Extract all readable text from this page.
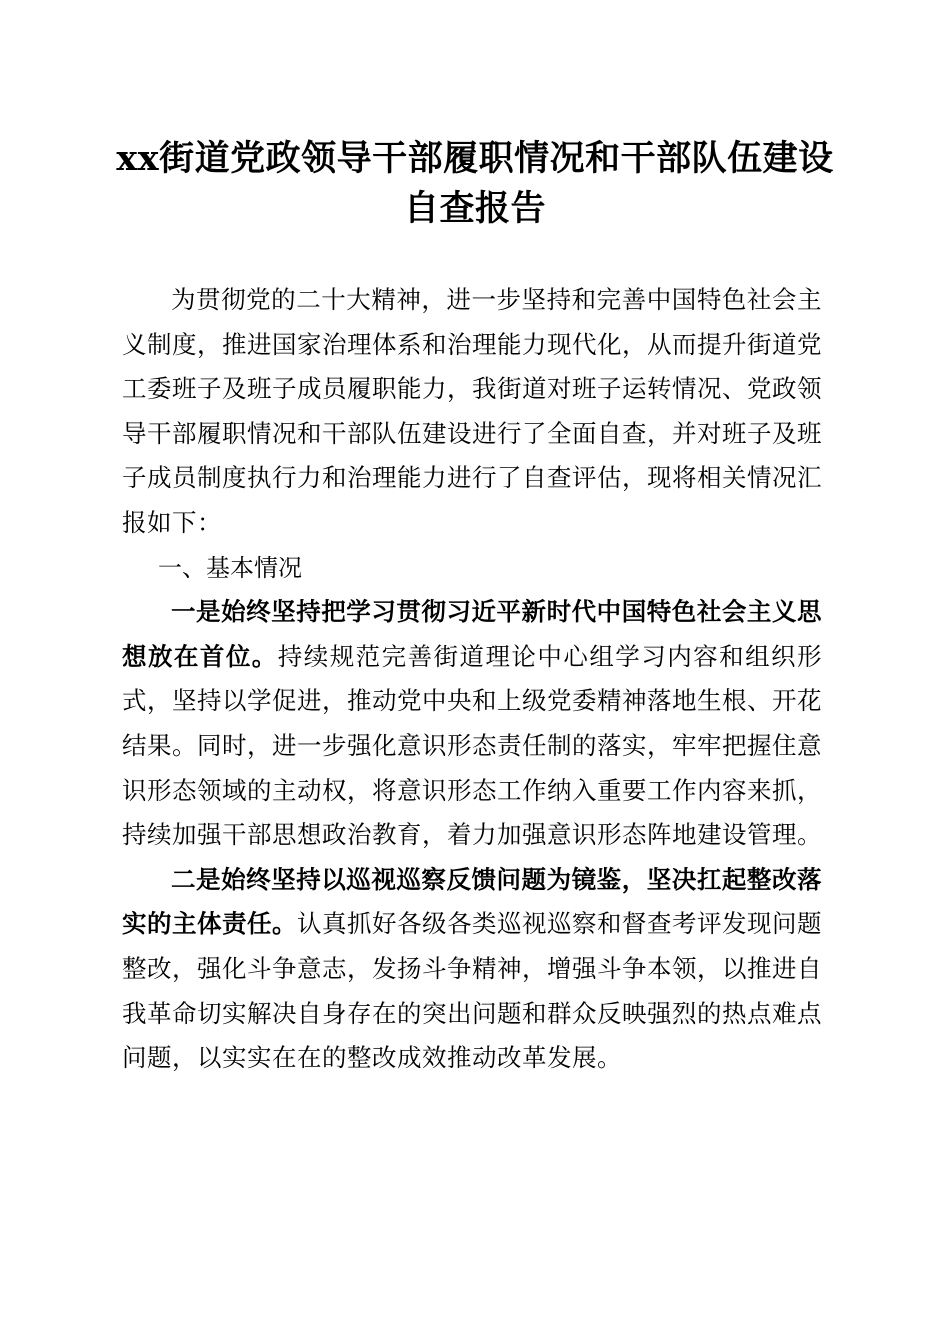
xx街道党政领导干部履职情况和干部队伍建设自查报告

为贯彻党的二十大精神，进一步坚持和完善中国特色社会主义制度，推进国家治理体系和治理能力现代化，从而提升街道党工委班子及班子成员履职能力，我街道对班子运转情况、党政领导干部履职情况和干部队伍建设进行了全面自查，并对班子及班子成员制度执行力和治理能力进行了自查评估，现将相关情况汇报如下：

一、基本情况

一是始终坚持把学习贯彻习近平新时代中国特色社会主义思想放在首位。持续规范完善街道理论中心组学习内容和组织形式，坚持以学促进，推动党中央和上级党委精神落地生根、开花结果。同时，进一步强化意识形态责任制的落实，牢牢把握住意识形态领域的主动权，将意识形态工作纳入重要工作内容来抓，持续加强干部思想政治教育，着力加强意识形态阵地建设管理。

二是始终坚持以巡视巡察反馈问题为镜鉴，坚决扛起整改落实的主体责任。认真抓好各级各类巡视巡察和督查考评发现问题整改，强化斗争意志，发扬斗争精神，增强斗争本领，以推进自我革命切实解决自身存在的突出问题和群众反映强烈的热点难点问题，以实实在在的整改成效推动改革发展。
